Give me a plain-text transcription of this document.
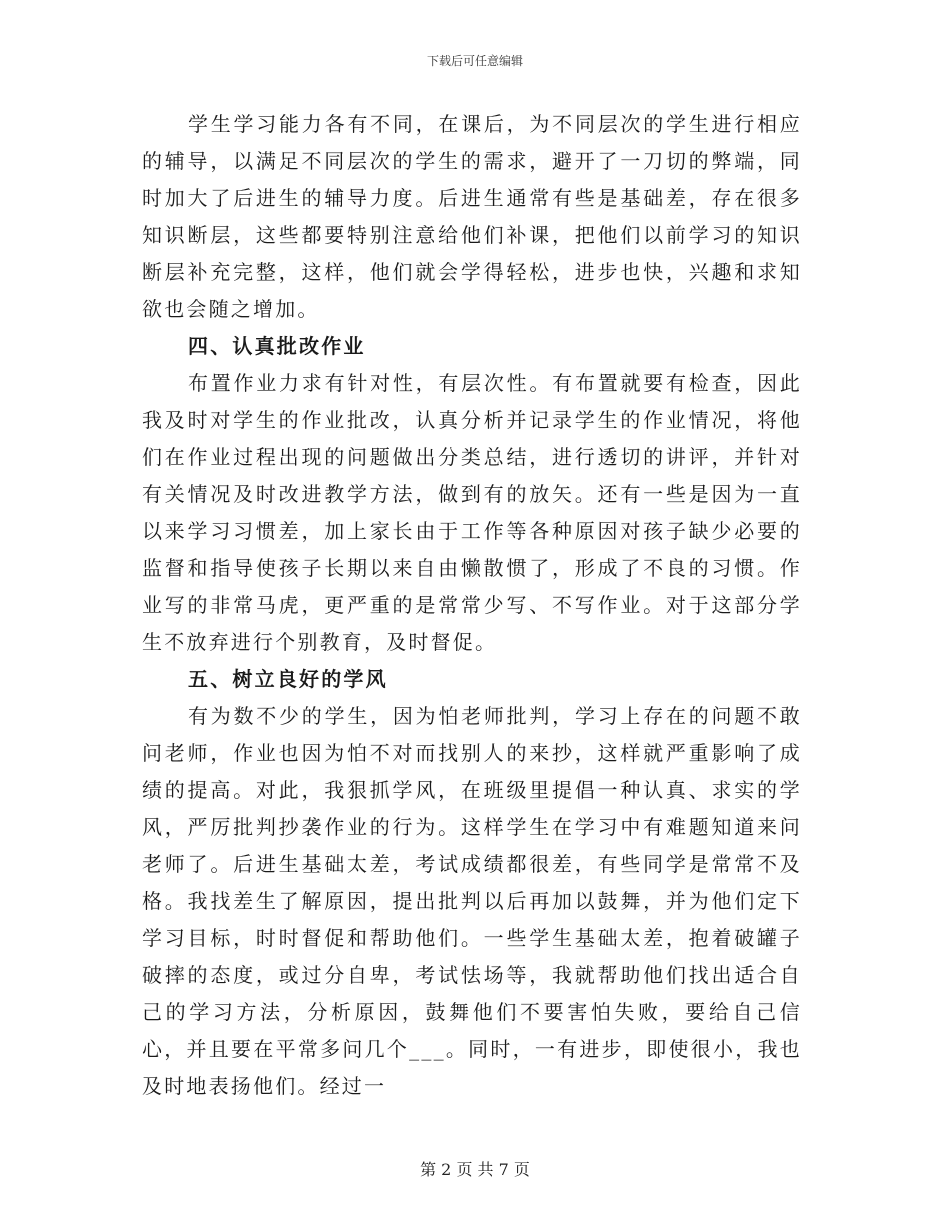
下载后可任意编辑

学生学习能力各有不同，在课后，为不同层次的学生进行相应的辅导，以满足不同层次的学生的需求，避开了一刀切的弊端，同时加大了后进生的辅导力度。后进生通常有些是基础差，存在很多知识断层，这些都要特别注意给他们补课，把他们以前学习的知识断层补充完整，这样，他们就会学得轻松，进步也快，兴趣和求知欲也会随之增加。

四、认真批改作业

布置作业力求有针对性，有层次性。有布置就要有检查，因此我及时对学生的作业批改，认真分析并记录学生的作业情况，将他们在作业过程出现的问题做出分类总结，进行透切的讲评，并针对有关情况及时改进教学方法，做到有的放矢。还有一些是因为一直以来学习习惯差，加上家长由于工作等各种原因对孩子缺少必要的监督和指导使孩子长期以来自由懒散惯了，形成了不良的习惯。作业写的非常马虎，更严重的是常常少写、不写作业。对于这部分学生不放弃进行个别教育，及时督促。

五、树立良好的学风

有为数不少的学生，因为怕老师批判，学习上存在的问题不敢问老师，作业也因为怕不对而找别人的来抄，这样就严重影响了成绩的提高。对此，我狠抓学风，在班级里提倡一种认真、求实的学风，严厉批判抄袭作业的行为。这样学生在学习中有难题知道来问老师了。后进生基础太差，考试成绩都很差，有些同学是常常不及格。我找差生了解原因，提出批判以后再加以鼓舞，并为他们定下学习目标，时时督促和帮助他们。一些学生基础太差，抱着破罐子破摔的态度，或过分自卑，考试怯场等，我就帮助他们找出适合自己的学习方法，分析原因，鼓舞他们不要害怕失败，要给自己信心，并且要在平常多问几个___。同时，一有进步，即使很小，我也及时地表扬他们。经过一

第 2 页 共 7 页
